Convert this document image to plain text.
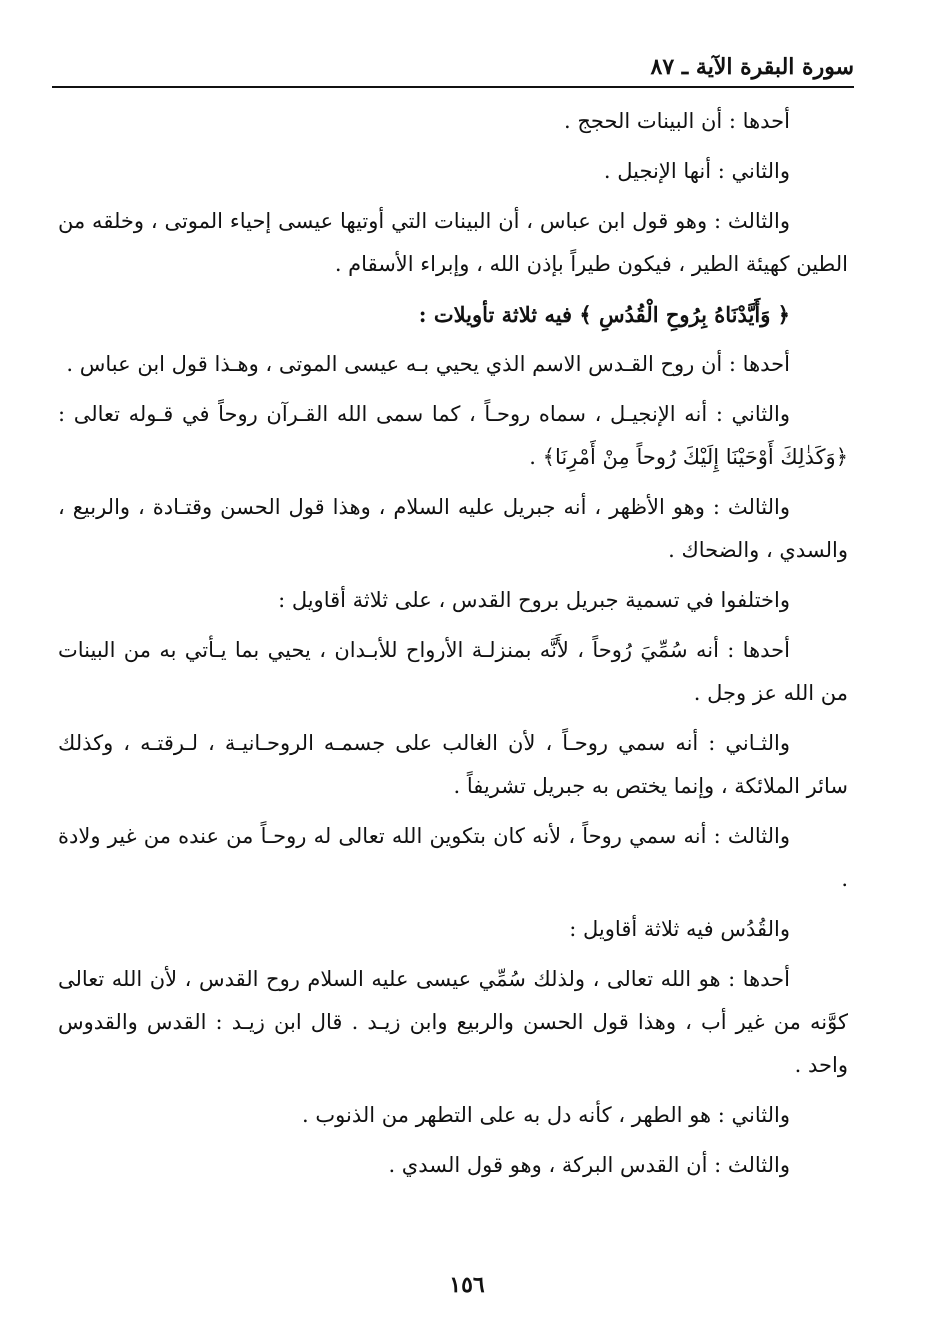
سورة البقرة الآية ـ ٨٧

أحدها : أن البينات الحجج .

والثاني : أنها الإنجيل .

والثالث : وهو قول ابن عباس ، أن البينات التي أوتيها عيسى إحياء الموتى ، وخلقه من الطين كهيئة الطير ، فيكون طيراً بإذن الله ، وإبراء الأسقام .

﴿ وَأَيَّدْنَاهُ بِرُوحِ الْقُدُسِ ﴾ فيه ثلاثة تأويلات :

أحدها : أن روح القـدس الاسم الذي يحيي بـه عيسى الموتى ، وهـذا قول ابن عباس .

والثاني : أنه الإنجيـل ، سماه روحـاً ، كما سمى الله القـرآن روحاً في قـوله تعالى : ﴿وَكَذٰلِكَ أَوْحَيْنَا إِلَيْكَ رُوحاً مِنْ أَمْرِنَا﴾ .

والثالث : وهو الأظهر ، أنه جبريل عليه السلام ، وهذا قول الحسن وقتـادة ، والربيع ، والسدي ، والضحاك .

واختلفوا في تسمية جبريل بروح القدس ، على ثلاثة أقاويل :

أحدها : أنه سُمِّيَ رُوحاً ، لأَنَّه بمنزلـة الأرواح للأبـدان ، يحيي بما يـأتي به من البينات من الله عز وجل .

والثـاني : أنه سمي روحـاً ، لأن الغالب على جسمـه الروحـانيـة ، لـرقتـه ، وكذلك سائر الملائكة ، وإنما يختص به جبريل تشريفاً .

والثالث : أنه سمي روحاً ، لأنه كان بتكوين الله تعالى له روحـاً من عنده من غير ولادة .

والقُدُس فيه ثلاثة أقاويل :

أحدها : هو الله تعالى ، ولذلك سُمِّي عيسى عليه السلام روح القدس ، لأن الله تعالى كوَّنه من غير أب ، وهذا قول الحسن والربيع وابن زيـد . قال ابن زيـد : القدس والقدوس واحد .

والثاني : هو الطهر ، كأنه دل به على التطهر من الذنوب .

والثالث : أن القدس البركة ، وهو قول السدي .

١٥٦
